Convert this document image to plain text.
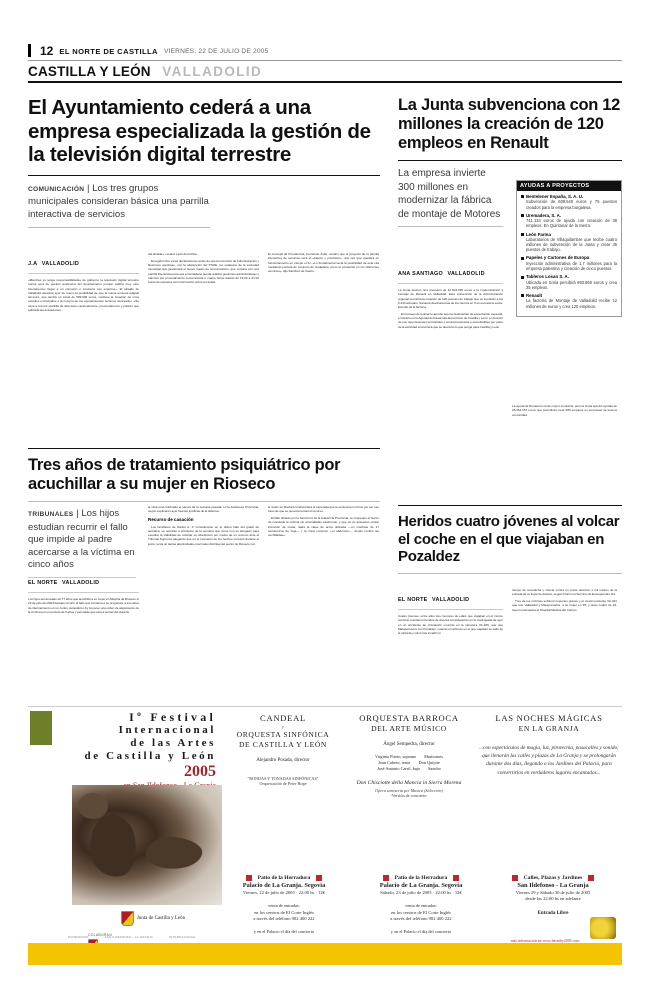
12 EL NORTE DE CASTILLA VIERNES, 22 DE JULIO DE 2005
CASTILLA Y LEÓN VALLADOLID
El Ayuntamiento cederá a una empresa especializada la gestión de la televisión digital terrestre
COMUNICACIÓN | Los tres grupos municipales consideran básica una parrilla interactiva de servicios
J.A VALLADOLID

«Mientras yo tenga responsabilidades de gobierno la televisión digital terrestre nunca será de gestión autónoma del Ayuntamiento porque saldría muy caro intentaremos llegar a un convenio o concierto con expertos». El alcalde de Valladolid descartó ayer de nuevo la posibilidad de que la nueva emisora adigital terrestre, que tendrá un canal de 599.000 euros, conlleve la creación de unos estudios municipales o la compra de los equipamientos técnicos necesarios. «Se vaya a recurrir plantilla de directores racionalmente, presentaremos y publico que aplicada las actuaciones

del alcalde», recalcó León de la Riva.

El regidor hizo estas declaraciones antes de que la Comisión de Administración y Recursos aprobase, con la abstención del PSOE, los estatutos de la sociedad municipal que gestionará el nuevo medio de comunicación, que contará con una parrilla interactiva para que el ciudadano pueda realizar gestiones administrativas y trámites por procedimiento convencional o cuatro horas diarias de 19.00 a 21.00 horas de espacios con información sobre la ciudad.

El concejal de Presidencia, Fernando Ávila, recalcó que el proyecto de la parrilla interactiva de servicios será el «básico y prioritario», una vez que quedará en funcionamiento en campo el IU. «Lo fundamental sería la posibilidad de esta cita mediando parcela de conjunto de ciudadano como el contenido en los diferentes servicios», dijo Sánchez de Castro.

La Junta subvenciona con 12 millones la creación de 120 empleos en Renault
La empresa invierte 300 millones en modernizar la fábrica de montaje de Motores
ANA SANTIAGO VALLADOLID

La Junta destinó una inversión de 12.004.495 euros a la modernización y montaje de Renault en Valladolid. Esta subvención de la Administración regional permitirá la creación de 120 puestos de trabajo que se sumarán a los 5.234 actuales. Sanaudí destinará ésta de los cientos en Tres escuela la sexta-Escolar de la factoría.

El Consejo de Gobierno aprobó ayer la declaración de expectación especial, e incluirlo en la Agenda de Desarrollo Económico de Castilla y León, en función de sus repercusiones territoriales o socioeconómicas e insustituibles por parte de la actividad económica que se descarto lo que ponga para Castilla y León.

La ayuda de Renault es la de mayor montante, pero la Junta aprobó ayudas de 25.364.157 euros que permitirán crear 665 empleos en empresas de toda la comunidad.

AYUDAS A PROYECTOS
Bentelener España, S. A. U.
Subvención de 609.540 euros y 75 puestos creados para la empresa burgalesa.
Uremadera, S. A.
741.134 euros de ayuda con creación de 38 empleos. En Quintanar de la Sierra.
León Farma
Laboratorios de Villaquilambre que recibe cuatro millones de subvención de la Junta y crear 35 puestos de trabajo.
Papeles y Cartones de Europa
Inyección administrativa de 1,7 millones para la empresa palentina y creación de cinco puestos.
Tableros Losan S. A.
Ubicada en Soria percibirá 893.650 euros y crea 25 empleos.
Renault
La factoría de Montaje de Valladolid recibe 12 millones de euros y crea 120 empleos.
Tres años de tratamiento psiquiátrico por acuchillar a su mujer en Rioseco
TRIBUNALES | Los hijos estudian recurrir el fallo que impide al padre acercarse a la víctima en cinco años
EL NORTE VALLADOLID

Los hijos del acusado de 77 años que acuchilló a su mujer en Medina de Rioseco el 22 de julio del 2004 barajan recurrir el fallo que condena a su progenitor a tres años de internamiento en un centro psiquiátrico by imponer una orden de alejamiento de la víctima por un periodo de 5 años y persuade que esta a perder del durante

la vista oral celebrada el jueves de la semana pasada, en la Audiencia Provincial, según explicaron ayer fuentes jurídicas de la defensa.

Recurso de casación

Los familiares de Daniel A. P. consideraron en el último fallo del grado de tentativa, se reunirán a principios de la semana que viene con su abogado para estudiar la viabilidad de solicitar su absolución por medio de un recurso ante el Tribunal Supremo alegando que en el momento de los hechos convivió durante el juicio, tenía un tantas afectividades mermales distintas del sector de Rioseco con

la visión en libertad condicional a la esperada que la sentencia no firme por ser ese caso de que se persona tenían el recurso.

El fallo dictado por la Sección II de la Audiencia Provincial, se cospeque el hecho de mandarle la víctima sin amurallarlas totalmente, y que en su actuación «hubo intención de matar, dada la clase de arma utilizada —un machete de 17 centímetros de hoja— y la zona corporal —el abdomen—, donde recibió las cuchilladas».

Heridos cuatro jóvenes al volcar el coche en el que viajaban en Pozaldez
EL NORTE VALLADOLID

Cuatro jóvenes, entre ellos tres menores de edad, que viajaban en el mismo vehículo resultaron heridos de diversa consideración en la madrugada de ayer en un accidente de circulación ocurrido en la carretera VA-405, que une Matapozuelos con Pozaldez, cuando el vehículo en el que viajaban se salió de la calzada y volcó tras invadir un

campo de remolacha y chocar contra un poste eléctrico a mil metros de la entrada de su lugar de destino, según informó el Servicio de Emergencias 112.

Tres de los víctimas sufrieron lesiones graves y el cuarto paciente VA-401 que une Valladolid y Matapozuelos, a su mujer en 35, y otras cuatro de 16, fueron evacuados al Hospital Medina del Campo.

Iº Festival
Internacional
de las Artes
de Castilla y León
2005
CANDEAL
y
ORQUESTA SINFÓNICA
DE CASTILLA Y LEÓN
Alejandro Posada, director
"RONDAS Y TONADAS SINFÓNICAS"
Orquestación de Peter Hope
ORQUESTA BARROCA
DEL ARTE MÚSICO
Ángel Sempedra, director
Virginia Prieto, soprano Maritornes
Joan Cabero, tenor Don Quijote
José Antonio Carril, bajo Sancho
Don Chisciotte della Mancia in Sierra Morena
Opera semiseria per Musica (Selección)
-Versión de concierto-
LAS NOCHES MÁGICAS
EN LA GRANJA
...con espectáculos de magia, luz, pirotecnia, pasacalles y sonido; que llenarán las calles y plazas de La Granja y se prolongarán durante dos días, llegando a los Jardines del Palacio, para convertirlos en verdaderos lugares encantados...
Patio de la Herradura
Palacio de La Granja. Segovia
Viernes, 22 de julio de 2005 · 22:00 hs · 12€
venta de entradas:
en los centros de El Corte Inglés
a través del teléfono 902 400 222
y en el Palacio el día del concierto
Patio de la Herradura
Palacio de La Granja. Segovia
Sábado, 23 de julio de 2005 · 22:00 hs · 12€
venta de entradas:
en los centros de El Corte Inglés
a través del teléfono 902 400 222
y en el Palacio el día del concierto
Calles, Plazas y Jardines
San Ildefonso - La Granja
Viernes 29 y Sábado 30 de julio de 2005
desde las 22:00 hs en adelante
Entrada Libre
más información en www.letrasby2005.com
Junta de Castilla y León
COLABORAN
PATRIMONIO	SAN ILDEFONSO - LA GRANJA	INTERNACIONAL
